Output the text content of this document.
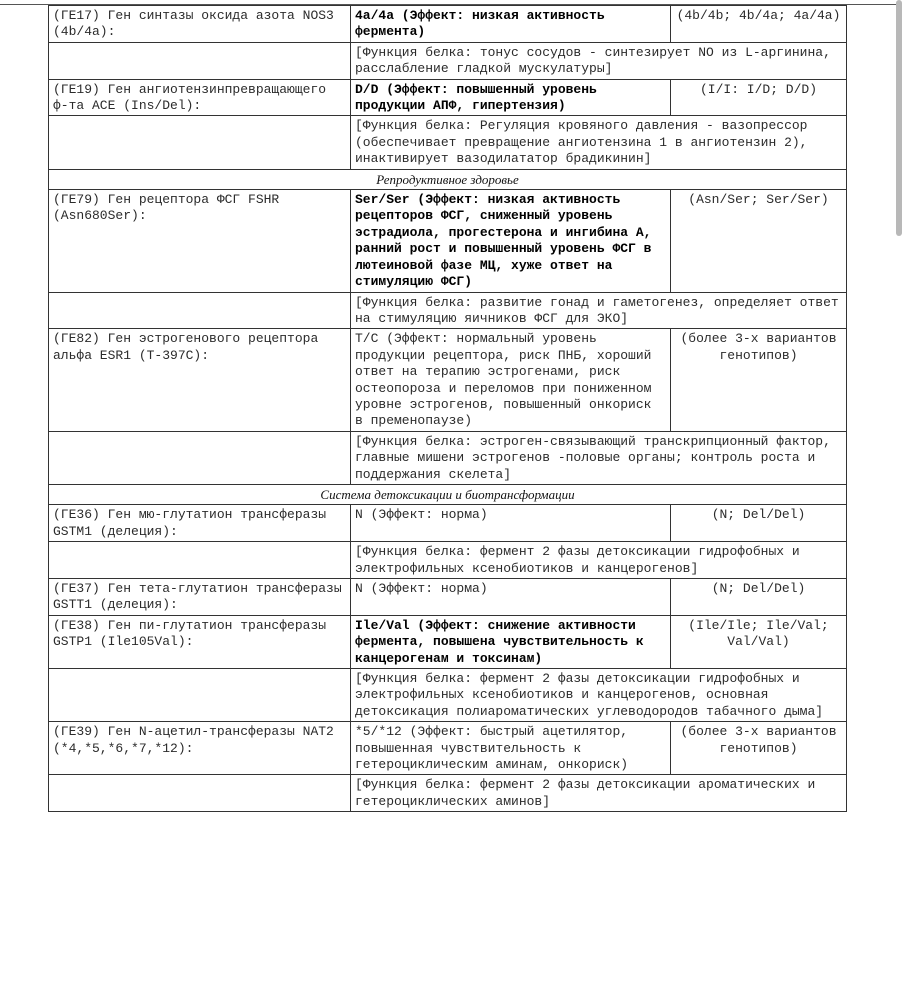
(ГЕ17) Ген синтазы оксида азота NOS3 (4b/4a):	4a/4a (Эффект: низкая активность фермента)	(4b/4b; 4b/4a; 4a/4a)
	[Функция белка: тонус сосудов - синтезирует NO из L-аргинина, расслабление гладкой мускулатуры]	
(ГЕ19) Ген ангиотензинпревращающего ф-та ACE (Ins/Del):	D/D (Эффект: повышенный уровень продукции АПФ, гипертензия)	(I/I: I/D; D/D)
	[Функция белка: Регуляция кровяного давления - вазопрессор (обеспечивает превращение ангиотензина 1 в ангиотензин 2), инактивирует вазодилататор брадикинин]	
Репродуктивное здоровье		
(ГЕ79) Ген рецептора ФСГ FSHR (Asn680Ser):	Ser/Ser (Эффект: низкая активность рецепторов ФСГ, сниженный уровень эстрадиола, прогестерона и ингибина А, ранний рост и повышенный уровень ФСГ в лютеиновой фазе МЦ, хуже ответ на стимуляцию ФСГ)	(Asn/Ser; Ser/Ser)
	[Функция белка: развитие гонад и гаметогенез, определяет ответ на стимуляцию яичников ФСГ для ЭКО]	
(ГЕ82) Ген эстрогенового рецептора альфа ESR1 (T-397C):	T/C (Эффект: нормальный уровень продукции рецептора, риск ПНБ, хороший ответ на терапию эстрогенами, риск остеопороза и переломов при пониженном уровне эстрогенов, повышенный онкориск в пременопаузе)	(более 3-х вариантов генотипов)
	[Функция белка: эстроген-связывающий транскрипционный фактор, главные мишени эстрогенов -половые органы; контроль роста и поддержания скелета]	
Система детоксикации и биотрансформации		
(ГЕ36) Ген мю-глутатион трансферазы GSTM1 (делеция):	N (Эффект: норма)	(N; Del/Del)
	[Функция белка: фермент 2 фазы детоксикации гидрофобных и электрофильных ксенобиотиков и канцерогенов]	
(ГЕ37) Ген тета-глутатион трансферазы GSTT1 (делеция):	N (Эффект: норма)	(N; Del/Del)
(ГЕ38) Ген пи-глутатион трансферазы GSTP1 (Ile105Val):	Ile/Val (Эффект: снижение активности фермента, повышена чувствительность к канцерогенам и токсинам)	(Ile/Ile; Ile/Val; Val/Val)
	[Функция белка: фермент 2 фазы детоксикации гидрофобных и электрофильных ксенобиотиков и канцерогенов, основная детоксикация полиароматических углеводородов табачного дыма]	
(ГЕ39) Ген N-ацетил-трансферазы NAT2 (*4,*5,*6,*7,*12):	*5/*12 (Эффект: быстрый ацетилятор, повышенная чувствительность к гетероциклическим аминам, онкориск)	(более 3-х вариантов генотипов)
	[Функция белка: фермент 2 фазы детоксикации ароматических и гетероциклических аминов]	
